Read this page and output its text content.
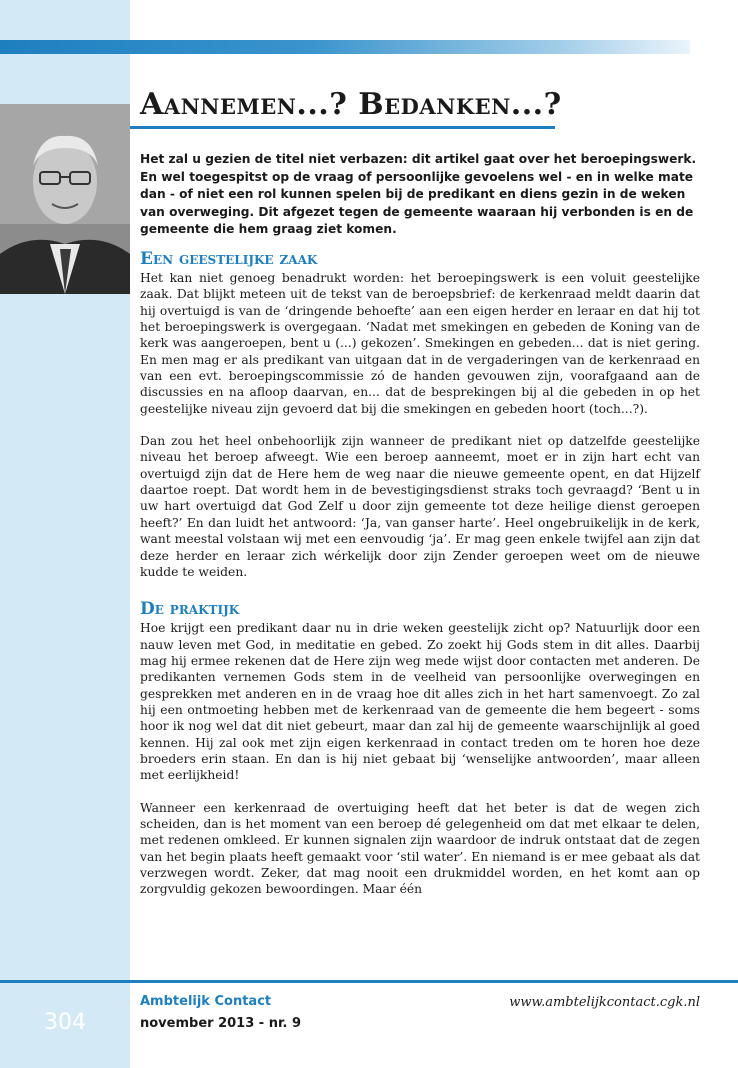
Aannemen...? Bedanken...?

Het zal u gezien de titel niet verbazen: dit artikel gaat over het beroepingswerk. En wel toegespitst op de vraag of persoonlijke gevoelens wel - en in welke mate dan - of niet een rol kunnen spelen bij de predikant en diens gezin in de weken van overweging. Dit afgezet tegen de gemeente waaraan hij verbonden is en de gemeente die hem graag ziet komen.

Een geestelijke zaak

Het kan niet genoeg benadrukt worden: het beroepingswerk is een voluit geestelijke zaak. Dat blijkt meteen uit de tekst van de beroepsbrief: de kerkenraad meldt daarin dat hij overtuigd is van de ‘dringende behoefte’ aan een eigen herder en leraar en dat hij tot het beroepingswerk is overgegaan. ‘Nadat met smekingen en gebeden de Koning van de kerk was aangeroepen, bent u (...) gekozen’. Smekingen en gebeden... dat is niet gering. En men mag er als predikant van uitgaan dat in de vergaderingen van de kerkenraad en van een evt. beroepingscommissie zó de handen gevouwen zijn, voorafgaand aan de discussies en na afloop daarvan, en... dat de besprekingen bij al die gebeden in op het geestelijke niveau zijn gevoerd dat bij die smekingen en gebeden hoort (toch...?).

Dan zou het heel onbehoorlijk zijn wanneer de predikant niet op datzelfde geestelijke niveau het beroep afweegt. Wie een beroep aanneemt, moet er in zijn hart echt van overtuigd zijn dat de Here hem de weg naar die nieuwe gemeente opent, en dat Hijzelf daartoe roept. Dat wordt hem in de bevestigingsdienst straks toch gevraagd? ‘Bent u in uw hart overtuigd dat God Zelf u door zijn gemeente tot deze heilige dienst geroepen heeft?’ En dan luidt het antwoord: ‘Ja, van ganser harte’. Heel ongebruikelijk in de kerk, want meestal volstaan wij met een eenvoudig ‘ja’. Er mag geen enkele twijfel aan zijn dat deze herder en leraar zich wérkelijk door zijn Zender geroepen weet om de nieuwe kudde te weiden.

De praktijk

Hoe krijgt een predikant daar nu in drie weken geestelijk zicht op? Natuurlijk door een nauw leven met God, in meditatie en gebed. Zo zoekt hij Gods stem in dit alles. Daarbij mag hij ermee rekenen dat de Here zijn weg mede wijst door contacten met anderen. De predikanten vernemen Gods stem in de veelheid van persoonlijke overwegingen en gesprekken met anderen en in de vraag hoe dit alles zich in het hart samenvoegt. Zo zal hij een ontmoeting hebben met de kerkenraad van de gemeente die hem begeert - soms hoor ik nog wel dat dit niet gebeurt, maar dan zal hij de gemeente waarschijnlijk al goed kennen. Hij zal ook met zijn eigen kerkenraad in contact treden om te horen hoe deze broeders erin staan. En dan is hij niet gebaat bij ‘wenselijke antwoorden’, maar alleen met eerlijkheid!

Wanneer een kerkenraad de overtuiging heeft dat het beter is dat de wegen zich scheiden, dan is het moment van een beroep dé gelegenheid om dat met elkaar te delen, met redenen omkleed. Er kunnen signalen zijn waardoor de indruk ontstaat dat de zegen van het begin plaats heeft gemaakt voor ‘stil water’. En niemand is er mee gebaat als dat verzwegen wordt. Zeker, dat mag nooit een drukmiddel worden, en het komt aan op zorgvuldig gekozen bewoordingen. Maar één

Ambtelijk Contact
november 2013 - nr. 9
304
www.ambtelijkcontact.cgk.nl
